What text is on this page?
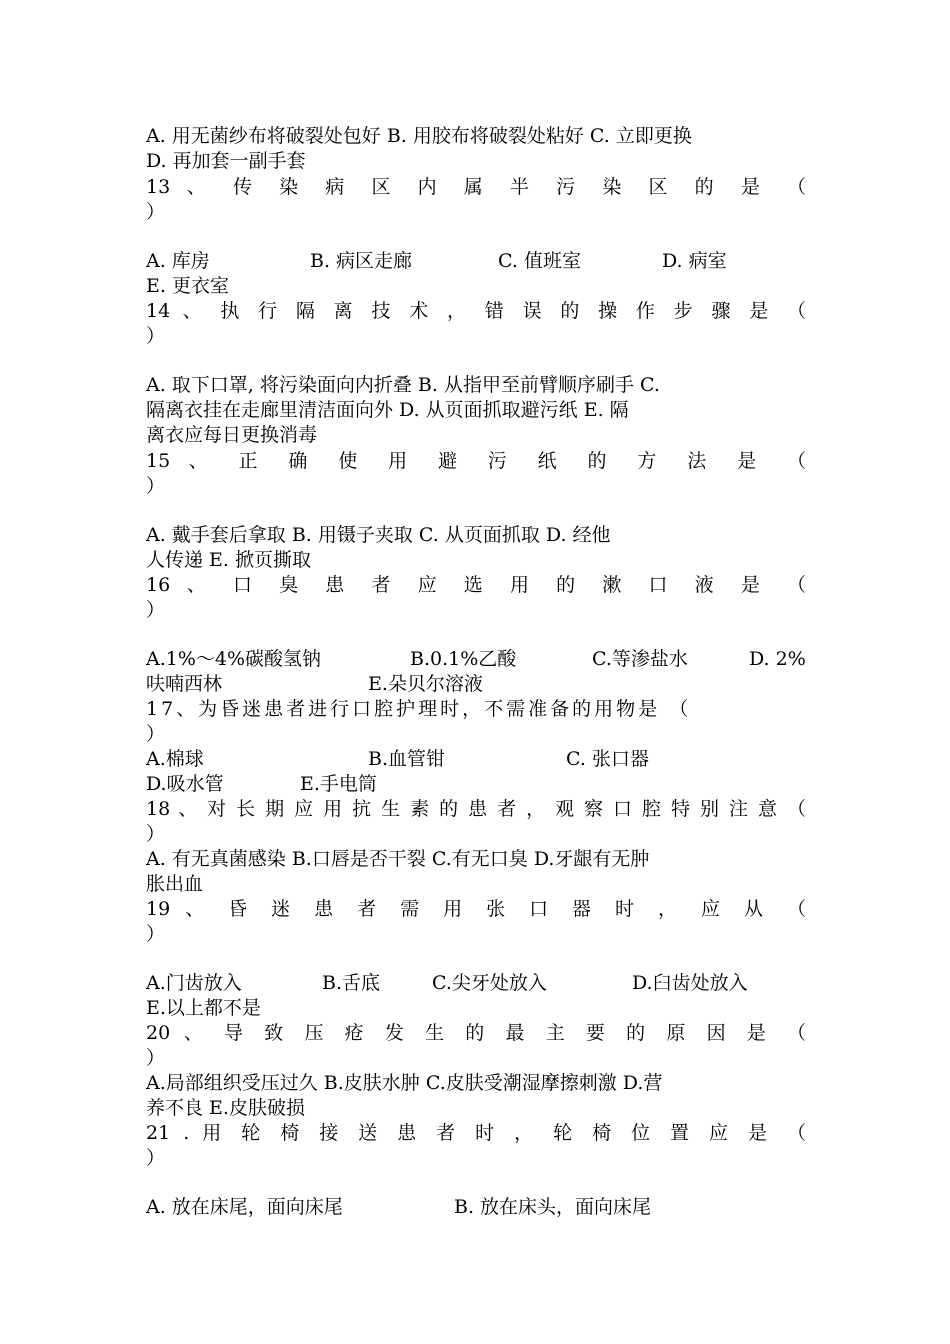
A. 用无菌纱布将破裂处包好 B. 用胶布将破裂处粘好 C. 立即更换
D. 再加套一副手套
13 、 传 染 病 区 内 属 半 污 染 区 的 是 （
）
A. 库房	B. 病区走廊	C. 值班室	D. 病室
E. 更衣室
14 、 执 行 隔 离 技 术 ， 错 误 的 操 作 步 骤 是 （
）
A. 取下口罩, 将污染面向内折叠 B. 从指甲至前臂顺序刷手 C.
隔离衣挂在走廊里清洁面向外 D. 从页面抓取避污纸 E. 隔
离衣应每日更换消毒
15 、 正 确 使 用 避 污 纸 的 方 法 是 （
）
A. 戴手套后拿取 B. 用镊子夹取 C. 从页面抓取 D. 经他
人传递 E. 掀页撕取
16 、 口 臭 患 者 应 选 用 的 漱 口 液 是 （
）
A.1%～4%碳酸氢钠	B.0.1%乙酸	C.等渗盐水	D. 2%
呋喃西林	E.朵贝尔溶液
17、为昏迷患者进行口腔护理时，不需准备的用物是 （
）
A.棉球	B.血管钳	C. 张口器
D.吸水管	E.手电筒
18 、 对 长 期 应 用 抗 生 素 的 患 者 ， 观 察 口 腔 特 别 注 意 （
）
A. 有无真菌感染 B.口唇是否干裂 C.有无口臭 D.牙龈有无肿
胀出血
19 、 昏 迷 患 者 需 用 张 口 器 时 ， 应 从 （
）
A.门齿放入	B.舌底	C.尖牙处放入	D.臼齿处放入
E.以上都不是
20 、 导 致 压 疮 发 生 的 最 主 要 的 原 因 是 （
）
A.局部组织受压过久 B.皮肤水肿 C.皮肤受潮湿摩擦刺激 D.营
养不良 E.皮肤破损
21 . 用 轮 椅 接 送 患 者 时 ， 轮 椅 位 置 应 是 （
）
A. 放在床尾，面向床尾	B. 放在床头，面向床尾
